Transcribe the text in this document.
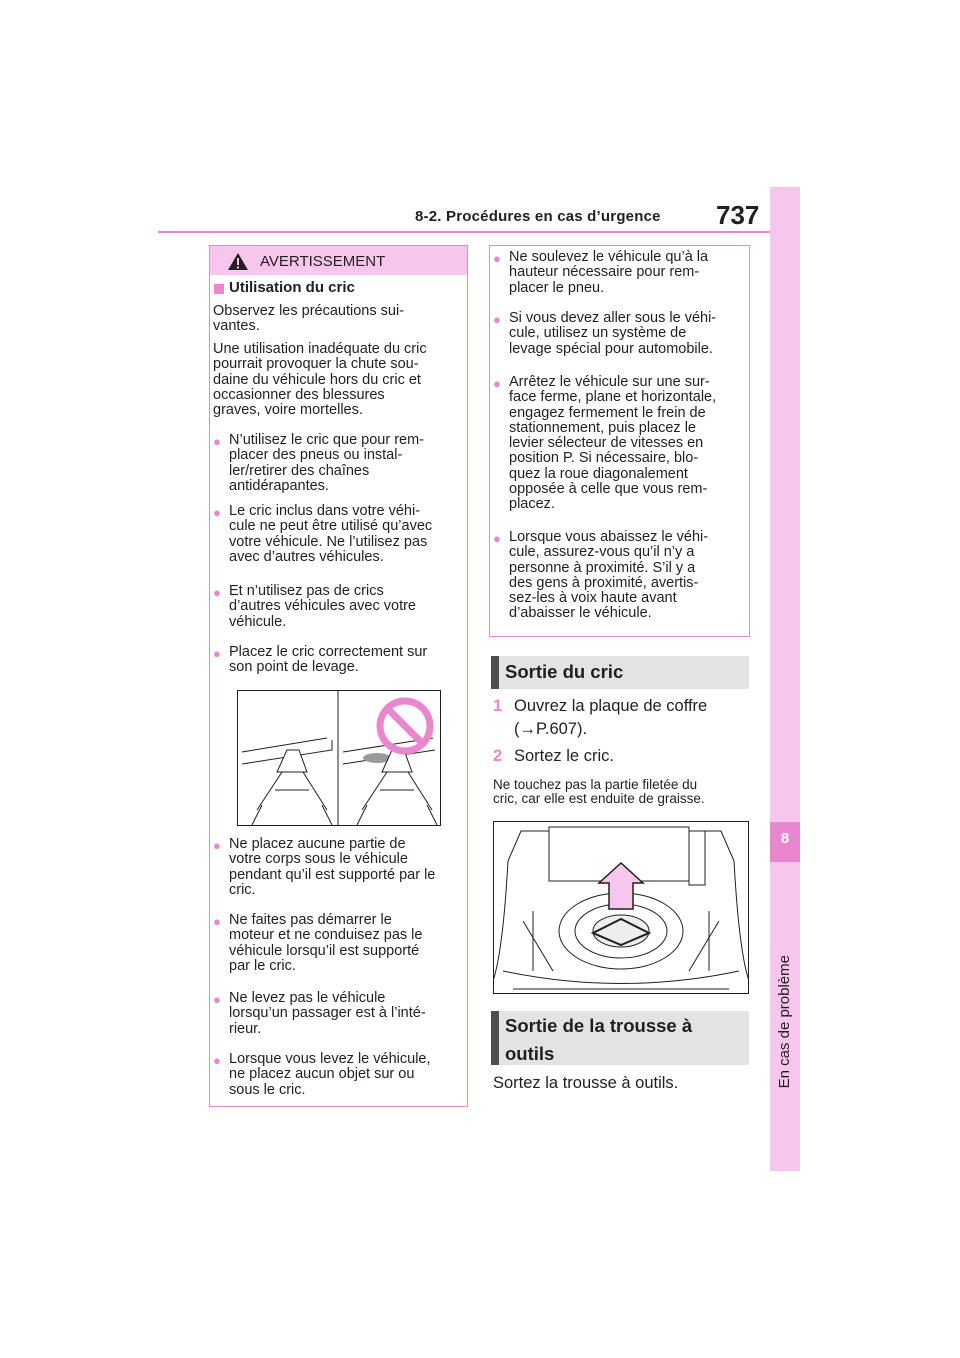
8-2. Procédures en cas d’urgence 737
8
En cas de problème
AVERTISSEMENT
Utilisation du cric
Observez les précautions sui-
vantes.
Une utilisation inadéquate du cric
pourrait provoquer la chute sou-
daine du véhicule hors du cric et
occasionner des blessures
graves, voire mortelles.
● N’utilisez le cric que pour rem-
placer des pneus ou instal-
ler/retirer des chaînes
antidérapantes.
● Le cric inclus dans votre véhi-
cule ne peut être utilisé qu’avec
votre véhicule. Ne l’utilisez pas
avec d’autres véhicules.
● Et n’utilisez pas de crics
d’autres véhicules avec votre
véhicule.
● Placez le cric correctement sur
son point de levage.
● Ne placez aucune partie de
votre corps sous le véhicule
pendant qu’il est supporté par le
cric.
● Ne faites pas démarrer le
moteur et ne conduisez pas le
véhicule lorsqu’il est supporté
par le cric.
● Ne levez pas le véhicule
lorsqu’un passager est à l’inté-
rieur.
● Lorsque vous levez le véhicule,
ne placez aucun objet sur ou
sous le cric.
● Ne soulevez le véhicule qu’à la
hauteur nécessaire pour rem-
placer le pneu.
● Si vous devez aller sous le véhi-
cule, utilisez un système de
levage spécial pour automobile.
● Arrêtez le véhicule sur une sur-
face ferme, plane et horizontale,
engagez fermement le frein de
stationnement, puis placez le
levier sélecteur de vitesses en
position P. Si nécessaire, blo-
quez la roue diagonalement
opposée à celle que vous rem-
placez.
● Lorsque vous abaissez le véhi-
cule, assurez-vous qu’il n’y a
personne à proximité. S’il y a
des gens à proximité, avertis-
sez-les à voix haute avant
d’abaisser le véhicule.
Sortie du cric
1 Ouvrez la plaque de coffre
(→P.607).
2 Sortez le cric.
Ne touchez pas la partie filetée du
cric, car elle est enduite de graisse.
Sortie de la trousse à
outils
Sortez la trousse à outils.
